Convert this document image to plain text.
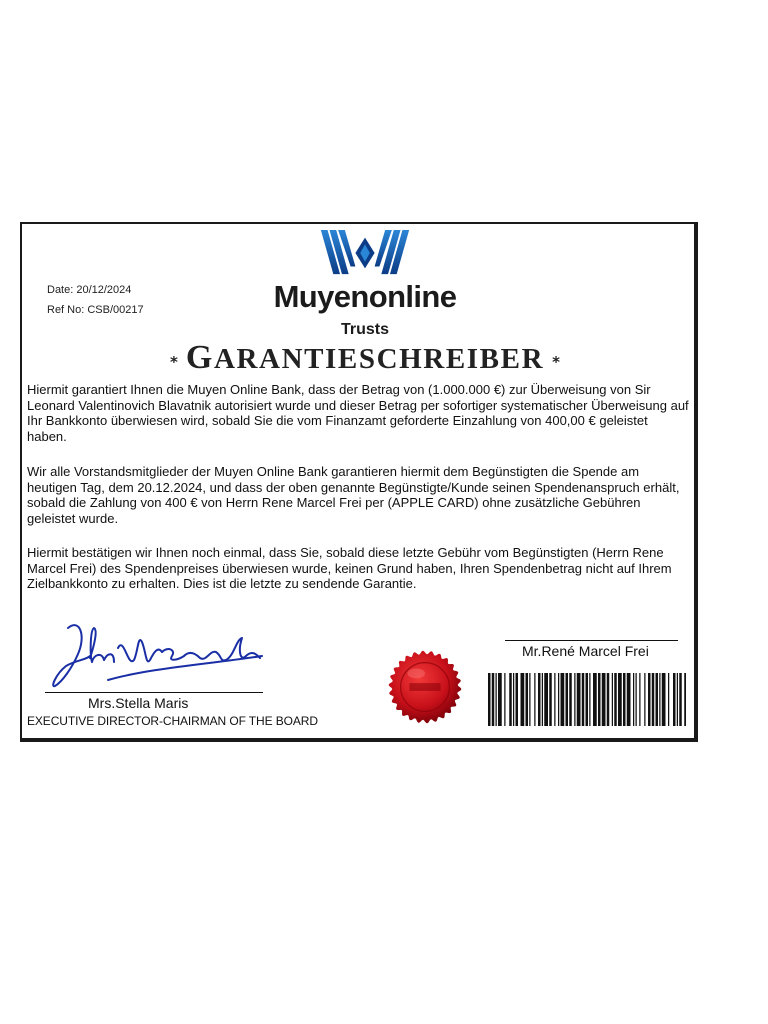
Date: 20/12/2024
Ref No: CSB/00217	Muyenonline
Trusts
* GARANTIESCHREIBER *

Hiermit garantiert Ihnen die Muyen Online Bank, dass der Betrag von (1.000.000 €) zur Überweisung von Sir Leonard Valentinovich Blavatnik autorisiert wurde und dieser Betrag per sofortiger systematischer Überweisung auf Ihr Bankkonto überwiesen wird, sobald Sie die vom Finanzamt geforderte Einzahlung von 400,00 € geleistet haben.

Wir alle Vorstandsmitglieder der Muyen Online Bank garantieren hiermit dem Begünstigten die Spende am heutigen Tag, dem 20.12.2024, und dass der oben genannte Begünstigte/Kunde seinen Spendenanspruch erhält, sobald die Zahlung von 400 € von Herrn Rene Marcel Frei per (APPLE CARD) ohne zusätzliche Gebühren geleistet wurde.

Hiermit bestätigen wir Ihnen noch einmal, dass Sie, sobald diese letzte Gebühr vom Begünstigten (Herrn Rene Marcel Frei) des Spendenpreises überwiesen wurde, keinen Grund haben, Ihren Spendenbetrag nicht auf Ihrem Zielbankkonto zu erhalten. Dies ist die letzte zu sendende Garantie.

Mrs.Stella Maris
EXECUTIVE DIRECTOR-CHAIRMAN OF THE BOARD
Mr.René Marcel Frei
